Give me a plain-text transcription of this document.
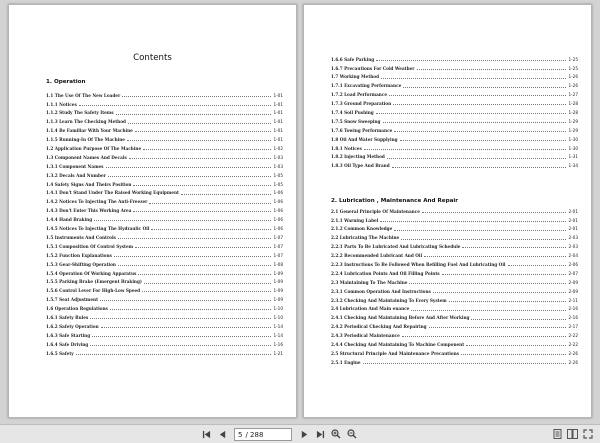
Contents
1. Operation
1.1 The Use Of The New Loader	1-01
1.1.1 Notices	1-01
1.1.2 Study The Safety Items	1-01
1.1.3 Learn The Checking Method	1-01
1.1.4 Be Familiar With Your Machine	1-01
1.1.5 Running-In Of The Machine	1-01
1.2 Application Purpose Of The Machine	1-02
1.3 Component Names And Decals	1-03
1.3.1 Component Names	1-03
1.3.2 Decals And Number	1-05
1.4 Safety Signs And Theirs Position	1-05
1.4.1 Don't Stand Under The Raised Working Equipment	1-06
1.4.2 Notices To Injecting The Anti-Freezer	1-06
1.4.3 Don't Enter This Working Area	1-06
1.4.4 Hand Braking	1-06
1.4.5 Notices To Injecting The Hydraulic Oil	1-06
1.5 Instruments And Controls	1-07
1.5.1 Composition Of Control System	1-07
1.5.2 Function Explanations	1-07
1.5.3 Gear-Shifting Operation	1-08
1.5.4 Operation Of Working Apparatus	1-09
1.5.5 Parking Brake (Emergent Braking)	1-09
1.5.6 Control Lever For High-Low Speed	1-09
1.5.7 Seat Adjustment	1-09
1.6 Operation Regulations	1-10
1.6.1 Safety Rules	1-10
1.6.2 Safety Operation	1-14
1.6.3 Safe Starting	1-14
1.6.4 Safe Driving	1-16
1.6.5 Safety	1-21
1.6.6 Safe Parking	1-25
1.6.7 Precautions For Cold Weather	1-25
1.7 Working Method	1-26
1.7.1 Excavating Performance	1-26
1.7.2 Load Performance	1-27
1.7.3 Ground Preparation	1-28
1.7.4 Soil Pushing	1-28
1.7.5 Snow Sweeping	1-29
1.7.6 Towing Performance	1-29
1.8 Oil And Water Supplying	1-30
1.8.1 Notices	1-30
1.8.2 Injecting Method	1-31
1.8.3 Oil Type And Brand	1-34
2. Lubrication , Maintenance And Repair
2.1 General Principle Of Maintenance	2-01
2.1.1 Warning Label	2-01
2.1.2 Common Knowledge	2-01
2.2 Lubricating The Machine	2-03
2.2.1 Parts To Be Lubricated And Lubricating Schedule	2-03
2.2.2 Recommended Lubricant And Oil	2-04
2.2.3 Instructions To Be Followed When Refilling Fuel And Lubricating Oil	2-06
2.2.4 Lubrication Points And Oil Filling Points	2-07
2.3 Maintaining To The Machine	2-09
2.3.1 Common Operation And Instructions	2-09
2.3.2 Checking And Maintaining To Every System	2-11
2.4 Lubrication And Main enance	2-16
2.4.1 Checking And Maintaining Before And After Working	2-16
2.4.2 Periodical Checking And Repairing	2-17
2.4.3 Periodical Maintenance	2-22
2.4.4 Checking And Maintaining To Machine Component	2-22
2.5 Structural Principle And Maintenance Precautions	2-26
2.5.1 Engine	2-26
5 / 288
